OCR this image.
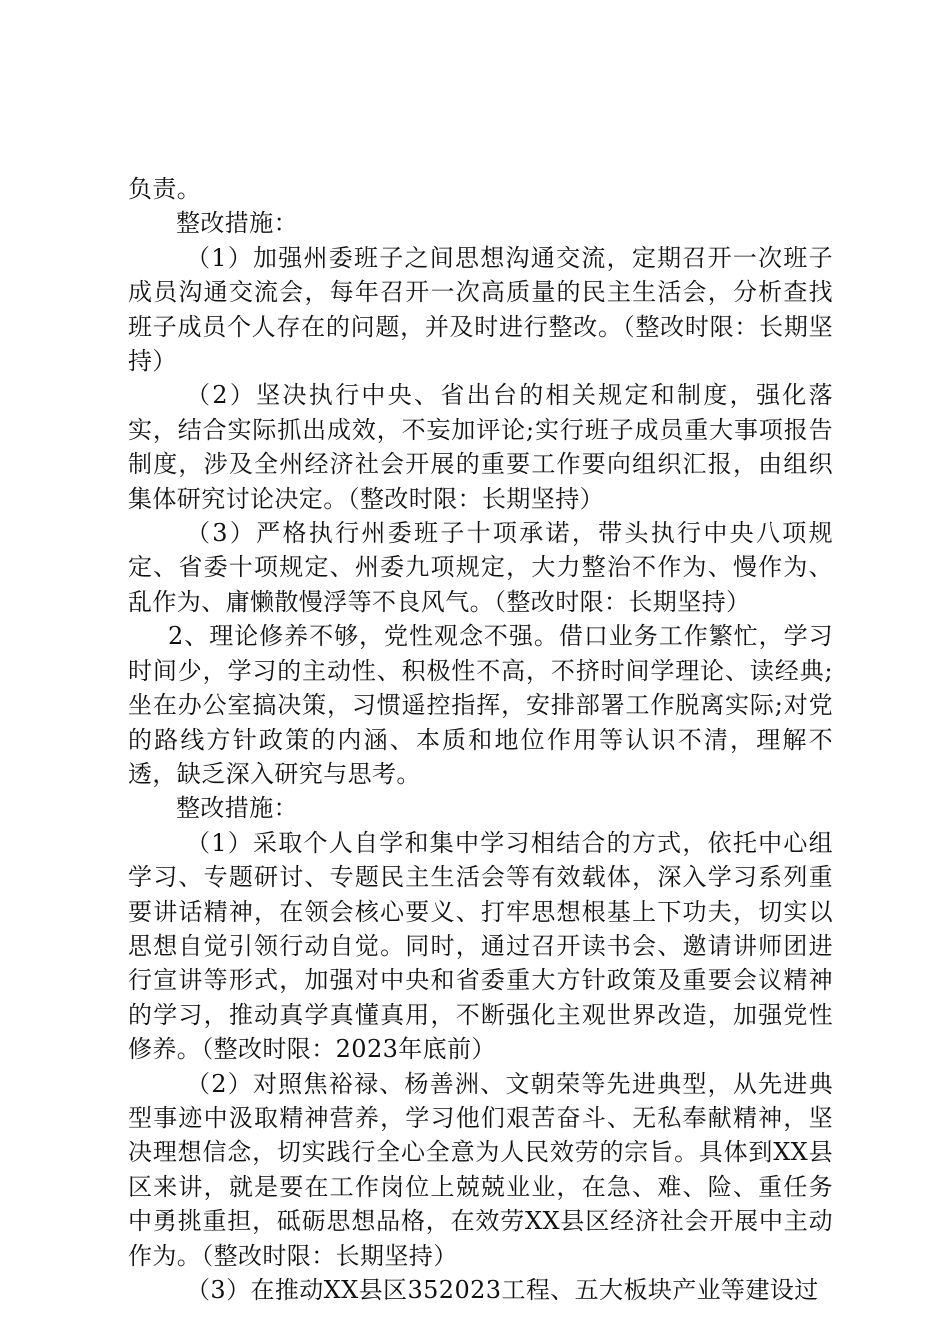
负责。

整改措施：

（1）加强州委班子之间思想沟通交流，定期召开一次班子成员沟通交流会，每年召开一次高质量的民主生活会，分析查找班子成员个人存在的问题，并及时进行整改。（整改时限：长期坚持）

（2）坚决执行中央、省出台的相关规定和制度，强化落实，结合实际抓出成效，不妄加评论;实行班子成员重大事项报告制度，涉及全州经济社会开展的重要工作要向组织汇报，由组织集体研究讨论决定。（整改时限：长期坚持）

（3）严格执行州委班子十项承诺，带头执行中央八项规定、省委十项规定、州委九项规定，大力整治不作为、慢作为、乱作为、庸懒散慢浮等不良风气。（整改时限：长期坚持）

2、理论修养不够，党性观念不强。借口业务工作繁忙，学习时间少，学习的主动性、积极性不高，不挤时间学理论、读经典;坐在办公室搞决策，习惯遥控指挥，安排部署工作脱离实际;对党的路线方针政策的内涵、本质和地位作用等认识不清，理解不透，缺乏深入研究与思考。

整改措施：

（1）采取个人自学和集中学习相结合的方式，依托中心组学习、专题研讨、专题民主生活会等有效载体，深入学习系列重要讲话精神，在领会核心要义、打牢思想根基上下功夫，切实以思想自觉引领行动自觉。同时，通过召开读书会、邀请讲师团进行宣讲等形式，加强对中央和省委重大方针政策及重要会议精神的学习，推动真学真懂真用，不断强化主观世界改造，加强党性修养。（整改时限：2023年底前）

（2）对照焦裕禄、杨善洲、文朝荣等先进典型，从先进典型事迹中汲取精神营养，学习他们艰苦奋斗、无私奉献精神，坚决理想信念，切实践行全心全意为人民效劳的宗旨。具体到XX县区来讲，就是要在工作岗位上兢兢业业，在急、难、险、重任务中勇挑重担，砥砺思想品格，在效劳XX县区经济社会开展中主动作为。（整改时限：长期坚持）

（3）在推动XX县区352023工程、五大板块产业等建设过
